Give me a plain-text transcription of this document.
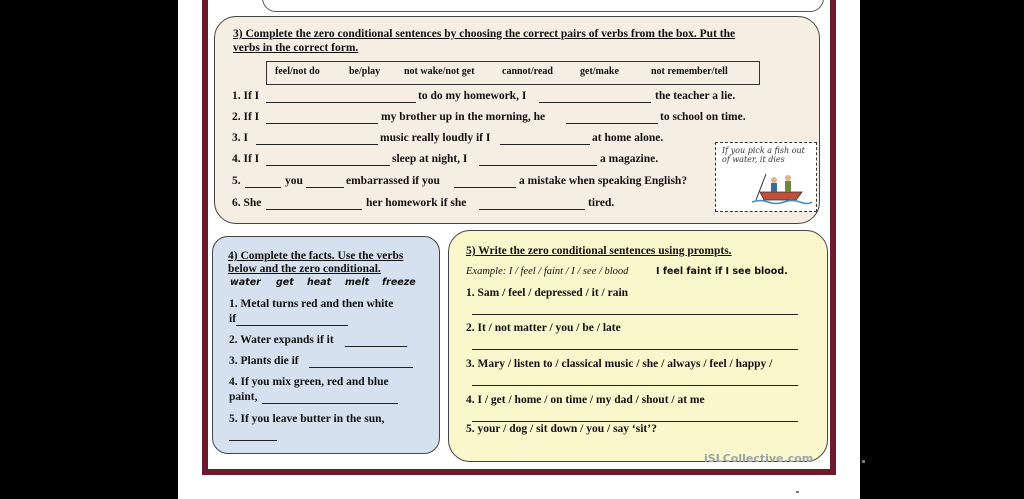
3) Complete the zero conditional sentences by choosing the correct pairs of verbs from the box. Put the
verbs in the correct form.
feel/not do	be/play not wake/not get	cannot/read	get/make	not remember/tell
1. If I	to do my homework, I	the teacher a lie.
2. If I	my brother up in the morning, he	to school on time.
3. I	music really loudly if I	at home alone.
4. If I	sleep at night, I	a magazine.
5.	you	embarrassed if you	a mistake when speaking English?
6. She	her homework if she	tired.
If you pick a fish out of water, it dies
4) Complete the facts. Use the verbs
below and the zero conditional.
water get heat melt freeze
1. Metal turns red and then white
if
2. Water expands if it
3. Plants die if
4. If you mix green, red and blue
paint,
5. If you leave butter in the sun,
5) Write the zero conditional sentences using prompts.
Example: I / feel / faint / I / see / blood	I feel faint if I see blood.
1. Sam / feel / depressed / it / rain
2. It / not matter / you / be / late
3. Mary / listen to / classical music / she / always / feel / happy /
4. I / get / home / on time / my dad / shout / at me
5. your / dog / sit down / you / say ‘sit’?
iSLCollective.com
